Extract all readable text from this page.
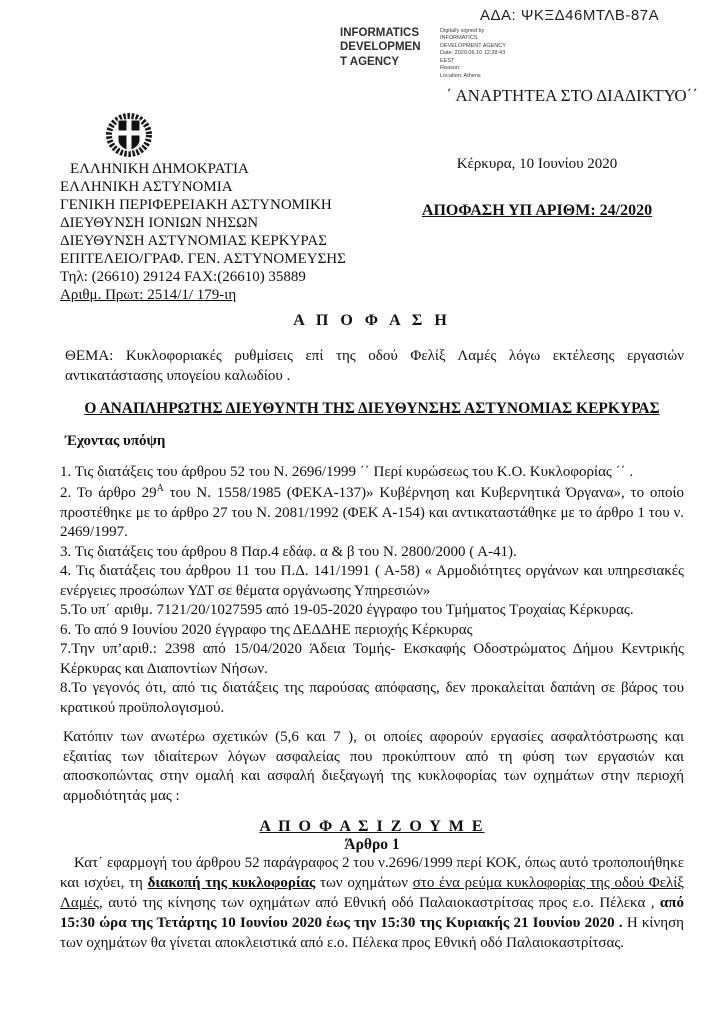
ΑΔΑ: ΨΚΞΔ46ΜΤΛΒ-87Α
INFORMATICS
DEVELOPMEN
T AGENCY
Digitally signed by
INFORMATICS
DEVELOPMENT AGENCY
Date: 2020.06.10 12:28:43
EEST
Reason:
Location: Athens
΄ ΑΝΑΡΤΗΤΕΑ ΣΤΟ ΔΙΑΔΙΚΤΥΟ΄΄
ΕΛΛΗΝΙΚΗ ΔΗΜΟΚΡΑΤΙΑ
ΕΛΛΗΝΙΚΗ ΑΣΤΥΝΟΜΙΑ
ΓΕΝΙΚΗ ΠΕΡΙΦΕΡΕΙΑΚΗ ΑΣΤΥΝΟΜΙΚΗ
ΔΙΕΥΘΥΝΣΗ ΙΟΝΙΩΝ ΝΗΣΩΝ
ΔΙΕΥΘΥΝΣΗ ΑΣΤΥΝΟΜΙΑΣ ΚΕΡΚΥΡΑΣ
ΕΠΙΤΕΛΕΙΟ/ΓΡΑΦ. ΓΕΝ. ΑΣΤΥΝΟΜΕΥΣΗΣ
Τηλ: (26610) 29124 FAX:(26610) 35889
Αριθμ. Πρωτ: 2514/1/ 179-ιη
Κέρκυρα, 10 Ιουνίου 2020
ΑΠΟΦΑΣΗ ΥΠ ΑΡΙΘΜ: 24/2020
Α Π Ο Φ Α Σ Η
ΘΕΜΑ: Κυκλοφοριακές ρυθμίσεις επί της οδού Φελίξ Λαμές λόγω εκτέλεσης εργασιών αντικατάστασης υπογείου καλωδίου .
Ο ΑΝΑΠΛΗΡΩΤΗΣ ΔΙΕΥΘΥΝΤΗ ΤΗΣ ΔΙΕΥΘΥΝΣΗΣ ΑΣΤΥΝΟΜΙΑΣ ΚΕΡΚΥΡΑΣ
Έχοντας υπόψη
1. Τις διατάξεις του άρθρου 52 του Ν. 2696/1999 ΄΄ Περί κυρώσεως του Κ.Ο. Κυκλοφορίας ΄΄ .
2. Το άρθρο $29^A$ του Ν. 1558/1985 (ΦΕΚΑ-137)» Κυβέρνηση και Κυβερνητικά Όργανα», το οποίο προστέθηκε με το άρθρο 27 του Ν. 2081/1992 (ΦΕΚ Α-154) και αντικαταστάθηκε με το άρθρο 1 του ν. 2469/1997.
3. Τις διατάξεις του άρθρου 8 Παρ.4 εδάφ. α & β του Ν. 2800/2000 ( Α-41).
4. Τις διατάξεις του άρθρου 11 του Π.Δ. 141/1991 ( Α-58) « Αρμοδιότητες οργάνων και υπηρεσιακές ενέργειες προσώπων ΥΔΤ σε θέματα οργάνωσης Υπηρεσιών»
5.Το υπ΄ αριθμ. 7121/20/1027595 από 19-05-2020 έγγραφο του Τμήματος Τροχαίας Κέρκυρας.
6. Το από 9 Ιουνίου 2020 έγγραφο της ΔΕΔΔΗΕ περιοχής Κέρκυρας
7.Την υπ’αριθ.: 2398 από 15/04/2020 Άδεια Τομής- Εκσκαφής Οδοστρώματος Δήμου Κεντρικής Κέρκυρας και Διαποντίων Νήσων.
8.Το γεγονός ότι, από τις διατάξεις της παρούσας απόφασης, δεν προκαλείται δαπάνη σε βάρος του κρατικού προϋπολογισμού.
Κατόπιν των ανωτέρω σχετικών (5,6 και 7 ), οι οποίες αφορούν εργασίες ασφαλτόστρωσης και εξαιτίας των ιδιαίτερων λόγων ασφαλείας που προκύπτουν από τη φύση των εργασιών και αποσκοπώντας στην ομαλή και ασφαλή διεξαγωγή της κυκλοφορίας των οχημάτων στην περιοχή αρμοδιότητάς μας :
Α Π Ο Φ Α Σ Ι Ζ Ο Υ Μ Ε
Άρθρο 1
Κατ΄ εφαρμογή του άρθρου 52 παράγραφος 2 του ν.2696/1999 περί ΚΟΚ, όπως αυτό τροποποιήθηκε και ισχύει, τη διακοπή της κυκλοφορίας των οχημάτων στο ένα ρεύμα κυκλοφορίας της οδού Φελίξ Λαμές, αυτό της κίνησης των οχημάτων από Εθνική οδό Παλαιοκαστρίτσας προς ε.ο. Πέλεκα , από 15:30 ώρα της Τετάρτης 10 Ιουνίου 2020 έως την 15:30 της Κυριακής 21 Ιουνίου 2020 . Η κίνηση των οχημάτων θα γίνεται αποκλειστικά από ε.ο. Πέλεκα προς Εθνική οδό Παλαιοκαστρίτσας.
